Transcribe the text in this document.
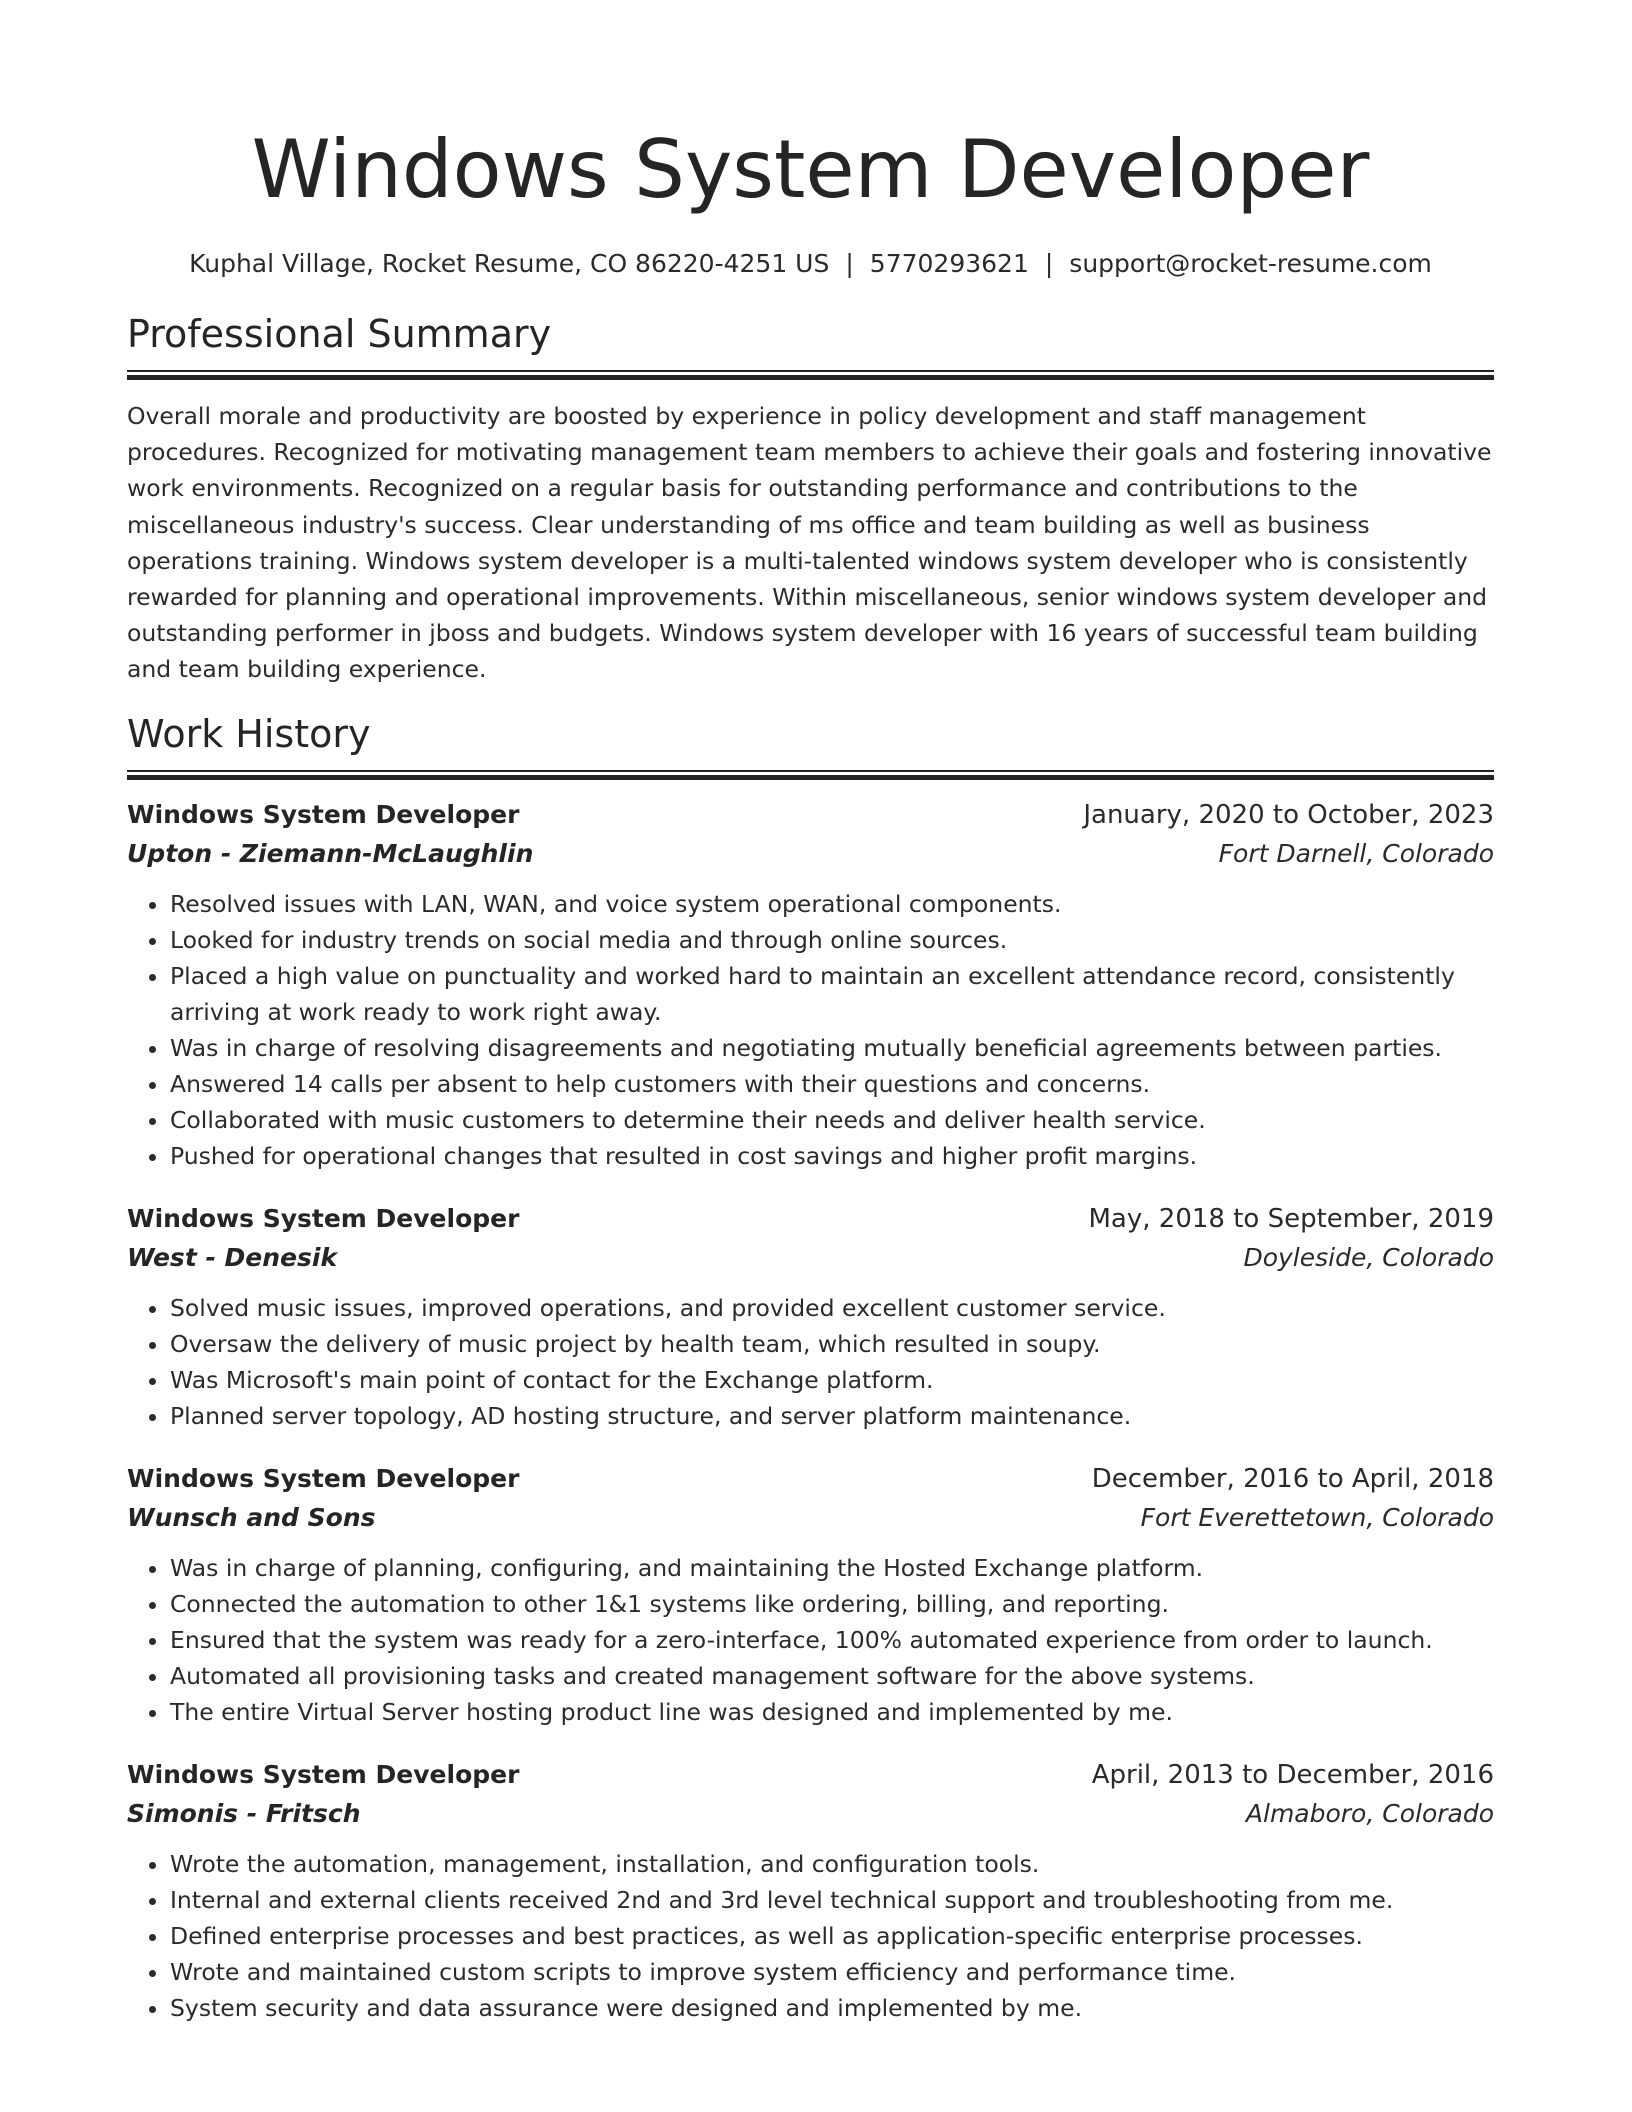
Windows System Developer
Kuphal Village, Rocket Resume, CO 86220-4251 US | 5770293621 | support@rocket-resume.com
Professional Summary

Overall morale and productivity are boosted by experience in policy development and staff management procedures. Recognized for motivating management team members to achieve their goals and fostering innovative work environments. Recognized on a regular basis for outstanding performance and contributions to the miscellaneous industry's success. Clear understanding of ms office and team building as well as business operations training. Windows system developer is a multi-talented windows system developer who is consistently rewarded for planning and operational improvements. Within miscellaneous, senior windows system developer and outstanding performer in jboss and budgets. Windows system developer with 16 years of successful team building and team building experience.

Work History
Windows System Developer	January, 2020 to October, 2023
Upton - Ziemann-McLaughlin	Fort Darnell, Colorado
• Resolved issues with LAN, WAN, and voice system operational components.
• Looked for industry trends on social media and through online sources.
• Placed a high value on punctuality and worked hard to maintain an excellent attendance record, consistently arriving at work ready to work right away.
• Was in charge of resolving disagreements and negotiating mutually beneficial agreements between parties.
• Answered 14 calls per absent to help customers with their questions and concerns.
• Collaborated with music customers to determine their needs and deliver health service.
• Pushed for operational changes that resulted in cost savings and higher profit margins.
Windows System Developer	May, 2018 to September, 2019
West - Denesik	Doyleside, Colorado
• Solved music issues, improved operations, and provided excellent customer service.
• Oversaw the delivery of music project by health team, which resulted in soupy.
• Was Microsoft's main point of contact for the Exchange platform.
• Planned server topology, AD hosting structure, and server platform maintenance.
Windows System Developer	December, 2016 to April, 2018
Wunsch and Sons	Fort Everettetown, Colorado
• Was in charge of planning, configuring, and maintaining the Hosted Exchange platform.
• Connected the automation to other 1&1 systems like ordering, billing, and reporting.
• Ensured that the system was ready for a zero-interface, 100% automated experience from order to launch.
• Automated all provisioning tasks and created management software for the above systems.
• The entire Virtual Server hosting product line was designed and implemented by me.
Windows System Developer	April, 2013 to December, 2016
Simonis - Fritsch	Almaboro, Colorado
• Wrote the automation, management, installation, and configuration tools.
• Internal and external clients received 2nd and 3rd level technical support and troubleshooting from me.
• Defined enterprise processes and best practices, as well as application-specific enterprise processes.
• Wrote and maintained custom scripts to improve system efficiency and performance time.
• System security and data assurance were designed and implemented by me.
